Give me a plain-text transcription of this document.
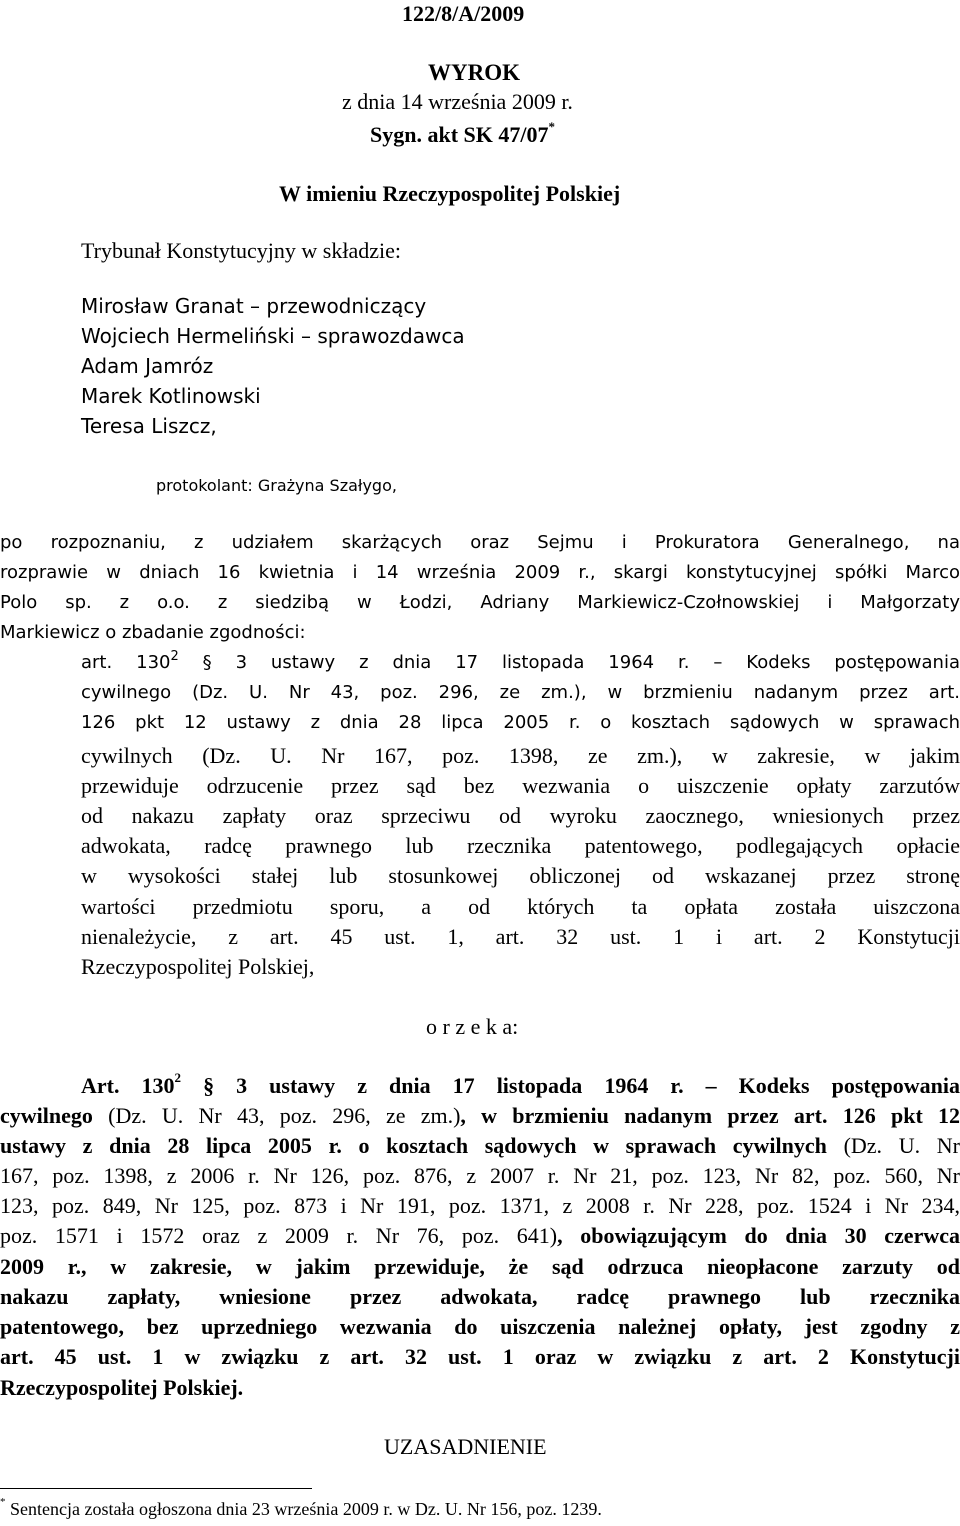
122/8/A/2009
WYROK
z dnia 14 września 2009 r.
Sygn. akt SK 47/07*
W imieniu Rzeczypospolitej Polskiej
Trybunał Konstytucyjny w składzie:
Mirosław Granat – przewodniczący
Wojciech Hermeliński – sprawozdawca
Adam Jamróz
Marek Kotlinowski
Teresa Liszcz,
protokolant: Grażyna Szałygo,
po rozpoznaniu, z udziałem skarżących oraz Sejmu i Prokuratora Generalnego, na
rozprawie w dniach 16 kwietnia i 14 września 2009 r., skargi konstytucyjnej spółki Marco
Polo sp. z o.o. z siedzibą w Łodzi, Adriany Markiewicz-Czołnowskiej i Małgorzaty
Markiewicz o zbadanie zgodności:
art. $130^2$ § 3 ustawy z dnia 17 listopada 1964 r. – Kodeks postępowania
cywilnego (Dz. U. Nr 43, poz. 296, ze zm.), w brzmieniu nadanym przez art.
126 pkt 12 ustawy z dnia 28 lipca 2005 r. o kosztach sądowych w sprawach
cywilnych (Dz. U. Nr 167, poz. 1398, ze zm.), w zakresie, w jakim
przewiduje odrzucenie przez sąd bez wezwania o uiszczenie opłaty zarzutów
od nakazu zapłaty oraz sprzeciwu od wyroku zaocznego, wniesionych przez
adwokata, radcę prawnego lub rzecznika patentowego, podlegających opłacie
w wysokości stałej lub stosunkowej obliczonej od wskazanej przez stronę
wartości przedmiotu sporu, a od których ta opłata została uiszczona
nienależycie, z art. 45 ust. 1, art. 32 ust. 1 i art. 2 Konstytucji
Rzeczypospolitej Polskiej,
o r z e k a:
Art. $130^2$ § 3 ustawy z dnia 17 listopada 1964 r. – Kodeks postępowania
cywilnego (Dz. U. Nr 43, poz. 296, ze zm.), w brzmieniu nadanym przez art. 126 pkt 12
ustawy z dnia 28 lipca 2005 r. o kosztach sądowych w sprawach cywilnych (Dz. U. Nr
167, poz. 1398, z 2006 r. Nr 126, poz. 876, z 2007 r. Nr 21, poz. 123, Nr 82, poz. 560, Nr
123, poz. 849, Nr 125, poz. 873 i Nr 191, poz. 1371, z 2008 r. Nr 228, poz. 1524 i Nr 234,
poz. 1571 i 1572 oraz z 2009 r. Nr 76, poz. 641), obowiązującym do dnia 30 czerwca
2009 r., w zakresie, w jakim przewiduje, że sąd odrzuca nieopłacone zarzuty od
nakazu zapłaty, wniesione przez adwokata, radcę prawnego lub rzecznika
patentowego, bez uprzedniego wezwania do uiszczenia należnej opłaty, jest zgodny z
art. 45 ust. 1 w związku z art. 32 ust. 1 oraz w związku z art. 2 Konstytucji
Rzeczypospolitej Polskiej.
UZASADNIENIE
* Sentencja została ogłoszona dnia 23 września 2009 r. w Dz. U. Nr 156, poz. 1239.
